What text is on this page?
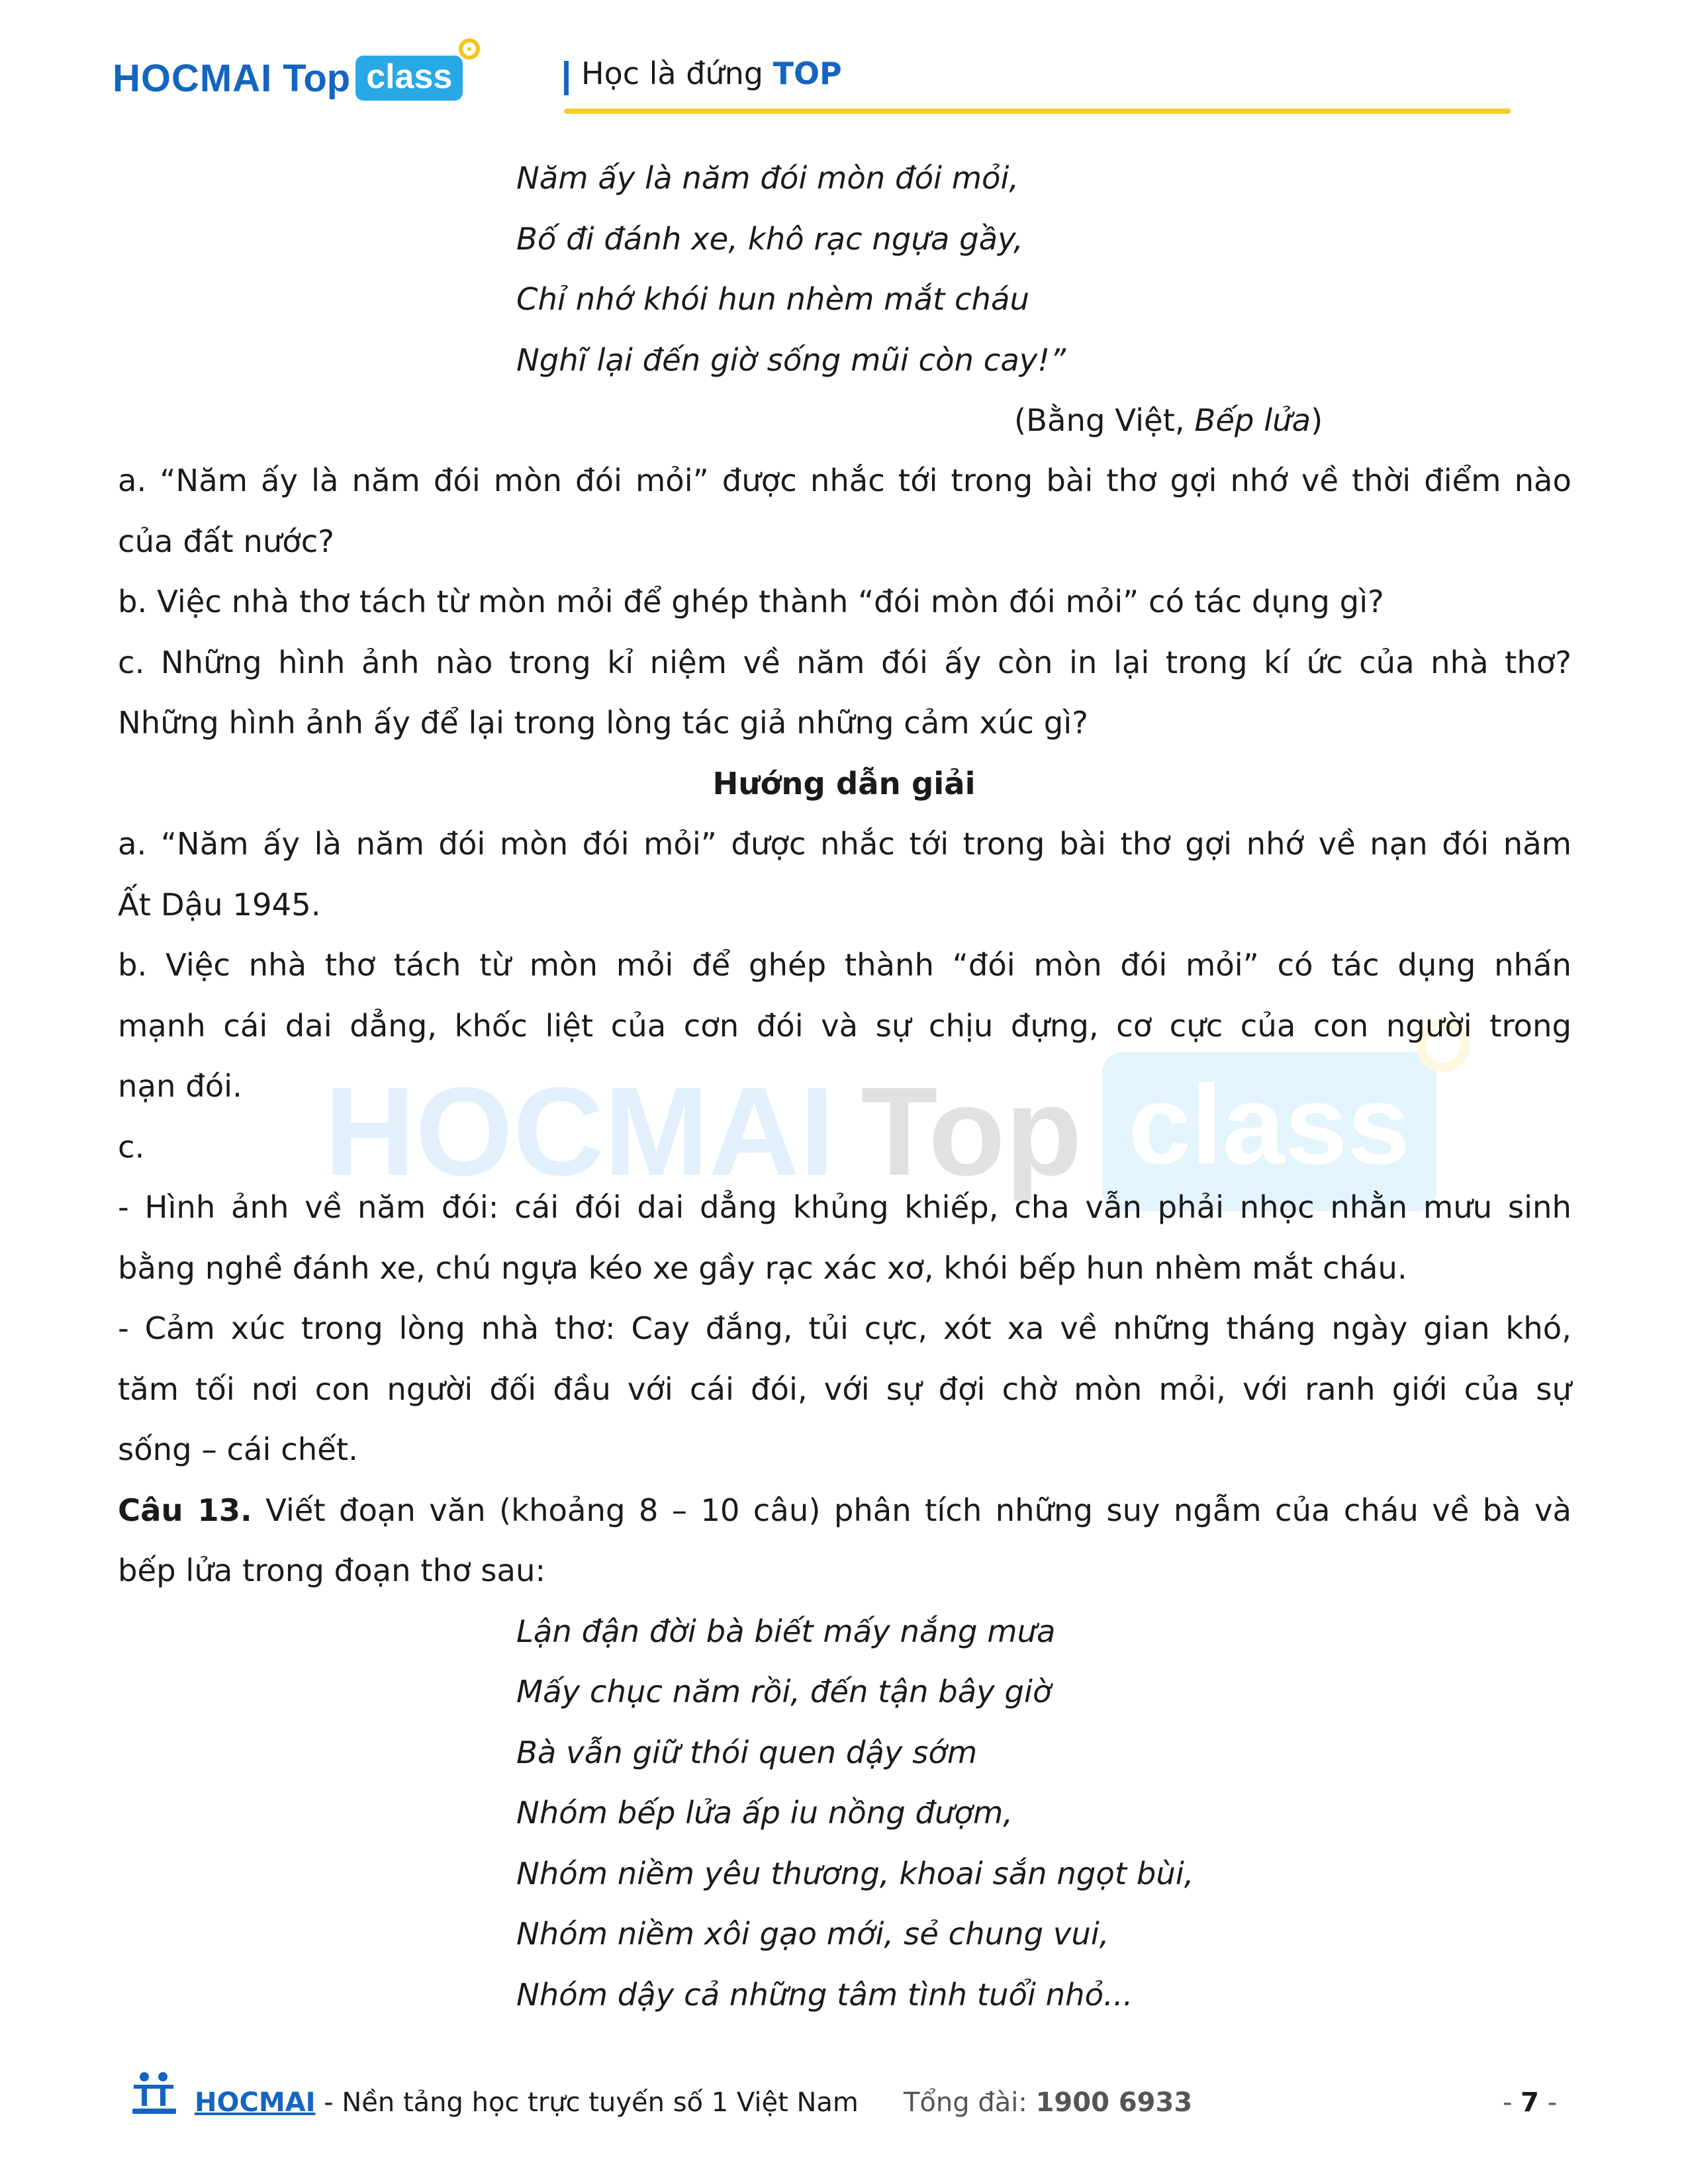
HOCMAI Top class	Học là đứng TOP
HOCMAI Top class
Năm ấy là năm đói mòn đói mỏi,
Bố đi đánh xe, khô rạc ngựa gầy,
Chỉ nhớ khói hun nhèm mắt cháu
Nghĩ lại đến giờ sống mũi còn cay!”
(Bằng Việt, Bếp lửa)
a. “Năm ấy là năm đói mòn đói mỏi” được nhắc tới trong bài thơ gợi nhớ về thời điểm nào
của đất nước?
b. Việc nhà thơ tách từ mòn mỏi để ghép thành “đói mòn đói mỏi” có tác dụng gì?
c. Những hình ảnh nào trong kỉ niệm về năm đói ấy còn in lại trong kí ức của nhà thơ?
Những hình ảnh ấy để lại trong lòng tác giả những cảm xúc gì?
Hướng dẫn giải
a. “Năm ấy là năm đói mòn đói mỏi” được nhắc tới trong bài thơ gợi nhớ về nạn đói năm
Ất Dậu 1945.
b. Việc nhà thơ tách từ mòn mỏi để ghép thành “đói mòn đói mỏi” có tác dụng nhấn
mạnh cái dai dẳng, khốc liệt của cơn đói và sự chịu đựng, cơ cực của con người trong
nạn đói.
c.
- Hình ảnh về năm đói: cái đói dai dẳng khủng khiếp, cha vẫn phải nhọc nhằn mưu sinh
bằng nghề đánh xe, chú ngựa kéo xe gầy rạc xác xơ, khói bếp hun nhèm mắt cháu.
- Cảm xúc trong lòng nhà thơ: Cay đắng, tủi cực, xót xa về những tháng ngày gian khó,
tăm tối nơi con người đối đầu với cái đói, với sự đợi chờ mòn mỏi, với ranh giới của sự
sống – cái chết.
Câu 13. Viết đoạn văn (khoảng 8 – 10 câu) phân tích những suy ngẫm của cháu về bà và
bếp lửa trong đoạn thơ sau:
Lận đận đời bà biết mấy nắng mưa
Mấy chục năm rồi, đến tận bây giờ
Bà vẫn giữ thói quen dậy sớm
Nhóm bếp lửa ấp iu nồng đượm,
Nhóm niềm yêu thương, khoai sắn ngọt bùi,
Nhóm niềm xôi gạo mới, sẻ chung vui,
Nhóm dậy cả những tâm tình tuổi nhỏ...
HOCMAI - Nền tảng học trực tuyến số 1 Việt Nam Tổng đài: 1900 6933	- 7 -
